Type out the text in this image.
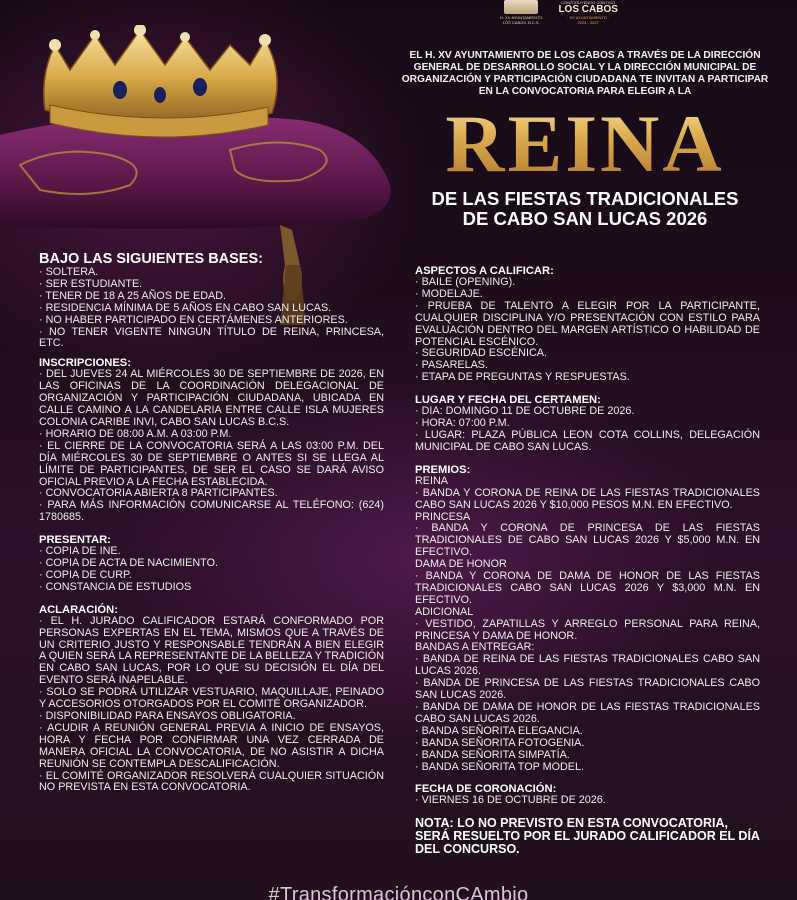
H. XV AYUNTAMIENTO
LOS CABOS, B.C.S.
CONSTRUYENDO CONTIGO
LOS CABOS
· XV AYUNTAMIENTO ·
2024 - 2027
EL H. XV AYUNTAMIENTO DE LOS CABOS A TRAVÉS DE LA DIRECCIÓN GENERAL DE DESARROLLO SOCIAL Y LA DIRECCIÓN MUNICIPAL DE ORGANIZACIÓN Y PARTICIPACIÓN CIUDADANA TE INVITAN A PARTICIPAR EN LA CONVOCATORIA PARA ELEGIR A LA
REINA
DE LAS FIESTAS TRADICIONALES
DE CABO SAN LUCAS 2026
BAJO LAS SIGUIENTES BASES:
· SOLTERA.
· SER ESTUDIANTE.
· TENER DE 18 A 25 AÑOS DE EDAD.
· RESIDENCIA MÍNIMA DE 5 AÑOS EN CABO SAN LUCAS.
· NO HABER PARTICIPADO EN CERTÁMENES ANTERIORES.
· NO TENER VIGENTE NINGÚN TÍTULO DE REINA, PRINCESA, ETC.
INSCRIPCIONES:
· DEL JUEVES 24 AL MIÉRCOLES 30 DE SEPTIEMBRE DE 2026, EN LAS OFICINAS DE LA COORDINACIÓN DELEGACIONAL DE ORGANIZACIÓN Y PARTICIPACIÓN CIUDADANA, UBICADA EN CALLE CAMINO A LA CANDELARIA ENTRE CALLE ISLA MUJERES COLONIA CARIBE INVI, CABO SAN LUCAS B.C.S.
· HORARIO DE 08:00 A.M. A 03:00 P.M.
· EL CIERRE DE LA CONVOCATORIA SERÁ A LAS 03:00 P.M. DEL DÍA MIÉRCOLES 30 DE SEPTIEMBRE O ANTES SI SE LLEGA AL LÍMITE DE PARTICIPANTES, DE SER EL CASO SE DARÁ AVISO OFICIAL PREVIO A LA FECHA ESTABLECIDA.
· CONVOCATORIA ABIERTA 8 PARTICIPANTES.
· PARA MÁS INFORMACIÓN COMUNICARSE AL TELÉFONO: (624) 1780685.
PRESENTAR:
· COPIA DE INE.
· COPIA DE ACTA DE NACIMIENTO.
· COPIA DE CURP.
· CONSTANCIA DE ESTUDIOS
ACLARACIÓN:
· EL H. JURADO CALIFICADOR ESTARÁ CONFORMADO POR PERSONAS EXPERTAS EN EL TEMA, MISMOS QUE A TRAVÉS DE UN CRITERIO JUSTO Y RESPONSABLE TENDRÁN A BIEN ELEGIR A QUIEN SERÁ LA REPRESENTANTE DE LA BELLEZA Y TRADICIÓN EN CABO SAN LUCAS, POR LO QUE SU DECISIÓN EL DÍA DEL EVENTO SERÁ INAPELABLE.
· SOLO SE PODRÁ UTILIZAR VESTUARIO, MAQUILLAJE, PEINADO Y ACCESORIOS OTORGADOS POR EL COMITÉ ORGANIZADOR.
· DISPONIBILIDAD PARA ENSAYOS OBLIGATORIA.
· ACUDIR A REUNIÓN GENERAL PREVIA A INICIO DE ENSAYOS, HORA Y FECHA POR CONFIRMAR UNA VEZ CERRADA DE MANERA OFICIAL LA CONVOCATORIA, DE NO ASISTIR A DICHA REUNIÓN SE CONTEMPLA DESCALIFICACIÓN.
· EL COMITÉ ORGANIZADOR RESOLVERÁ CUALQUIER SITUACIÓN NO PREVISTA EN ESTA CONVOCATORIA.
ASPECTOS A CALIFICAR:
· BAILE (OPENING).
· MODELAJE.
· PRUEBA DE TALENTO A ELEGIR POR LA PARTICIPANTE, CUALQUIER DISCIPLINA Y/O PRESENTACIÓN CON ESTILO PARA EVALUACIÓN DENTRO DEL MARGEN ARTÍSTICO O HABILIDAD DE POTENCIAL ESCÉNICO.
· SEGURIDAD ESCÉNICA.
· PASARELAS.
· ETAPA DE PREGUNTAS Y RESPUESTAS.
LUGAR Y FECHA DEL CERTAMEN:
· DIA: DOMINGO 11 DE OCTUBRE DE 2026.
· HORA: 07:00 P.M.
· LUGAR: PLAZA PÚBLICA LEON COTA COLLINS, DELEGACIÓN MUNICIPAL DE CABO SAN LUCAS.
PREMIOS:
REINA
· BANDA Y CORONA DE REINA DE LAS FIESTAS TRADICIONALES CABO SAN LUCAS 2026 Y $10,000 PESOS M.N. EN EFECTIVO.
PRINCESA
· BANDA Y CORONA DE PRINCESA DE LAS FIESTAS TRADICIONALES DE CABO SAN LUCAS 2026 Y $5,000 M.N. EN EFECTIVO.
DAMA DE HONOR
· BANDA Y CORONA DE DAMA DE HONOR DE LAS FIESTAS TRADICIONALES CABO SAN LUCAS 2026 Y $3,000 M.N. EN EFECTIVO.
ADICIONAL
· VESTIDO, ZAPATILLAS Y ARREGLO PERSONAL PARA REINA, PRINCESA Y DAMA DE HONOR.
BANDAS A ENTREGAR:
· BANDA DE REINA DE LAS FIESTAS TRADICIONALES CABO SAN LUCAS 2026.
· BANDA DE PRINCESA DE LAS FIESTAS TRADICIONALES CABO SAN LUCAS 2026.
· BANDA DE DAMA DE HONOR DE LAS FIESTAS TRADICIONALES CABO SAN LUCAS 2026.
· BANDA SEÑORITA ELEGANCIA.
· BANDA SEÑORITA FOTOGENIA.
· BANDA SEÑORITA SIMPATÍA.
· BANDA SEÑORITA TOP MODEL.
FECHA DE CORONACIÓN:
· VIERNES 16 DE OCTUBRE DE 2026.
NOTA: LO NO PREVISTO EN ESTA CONVOCATORIA, SERÁ RESUELTO POR EL JURADO CALIFICADOR EL DÍA DEL CONCURSO.
#TransformaciónconCAmbio
